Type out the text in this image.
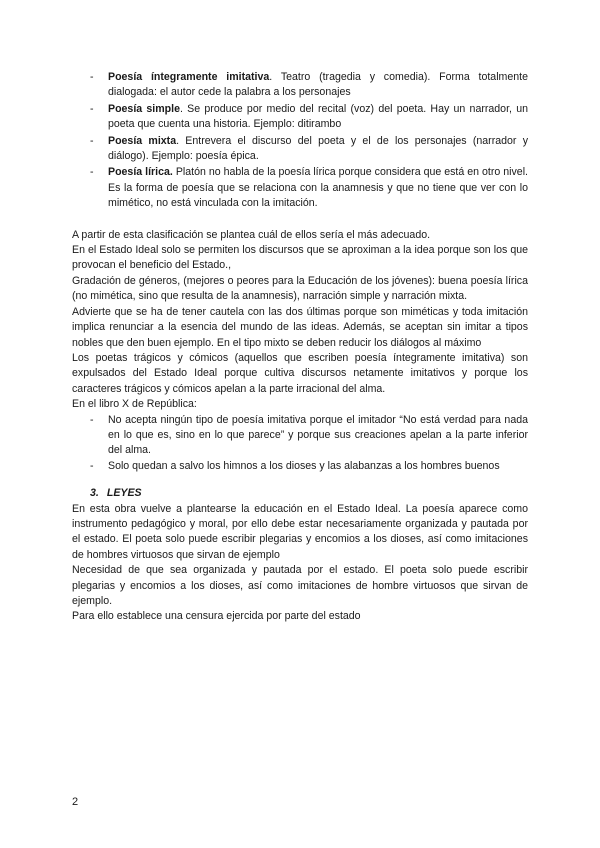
- Poesía íntegramente imitativa. Teatro (tragedia y comedia). Forma totalmente dialogada: el autor cede la palabra a los personajes
- Poesía simple. Se produce por medio del recital (voz) del poeta. Hay un narrador, un poeta que cuenta una historia. Ejemplo: ditirambo
- Poesía mixta. Entrevera el discurso del poeta y el de los personajes (narrador y diálogo). Ejemplo: poesía épica.
- Poesía lírica. Platón no habla de la poesía lírica porque considera que está en otro nivel. Es la forma de poesía que se relaciona con la anamnesis y que no tiene que ver con lo mimético, no está vinculada con la imitación.

A partir de esta clasificación se plantea cuál de ellos sería el más adecuado.

En el Estado Ideal solo se permiten los discursos que se aproximan a la idea porque son los que provocan el beneficio del Estado.,

Gradación de géneros, (mejores o peores para la Educación de los jóvenes): buena poesía lírica (no mimética, sino que resulta de la anamnesis), narración simple y narración mixta.

Advierte que se ha de tener cautela con las dos últimas porque son miméticas y toda imitación implica renunciar a la esencia del mundo de las ideas. Además, se aceptan sin imitar a tipos nobles que den buen ejemplo. En el tipo mixto se deben reducir los diálogos al máximo

Los poetas trágicos y cómicos (aquellos que escriben poesía íntegramente imitativa) son expulsados del Estado Ideal porque cultiva discursos netamente imitativos y porque los caracteres trágicos y cómicos apelan a la parte irracional del alma.

En el libro X de República:

- No acepta ningún tipo de poesía imitativa porque el imitador “No está verdad para nada en lo que es, sino en lo que parece” y porque sus creaciones apelan a la parte inferior del alma.
- Solo quedan a salvo los himnos a los dioses y las alabanzas a los hombres buenos
3. LEYES

En esta obra vuelve a plantearse la educación en el Estado Ideal. La poesía aparece como instrumento pedagógico y moral, por ello debe estar necesariamente organizada y pautada por el estado. El poeta solo puede escribir plegarias y encomios a los dioses, así como imitaciones de hombres virtuosos que sirvan de ejemplo

Necesidad de que sea organizada y pautada por el estado. El poeta solo puede escribir plegarias y encomios a los dioses, así como imitaciones de hombre virtuosos que sirvan de ejemplo.

Para ello establece una censura ejercida por parte del estado

2
